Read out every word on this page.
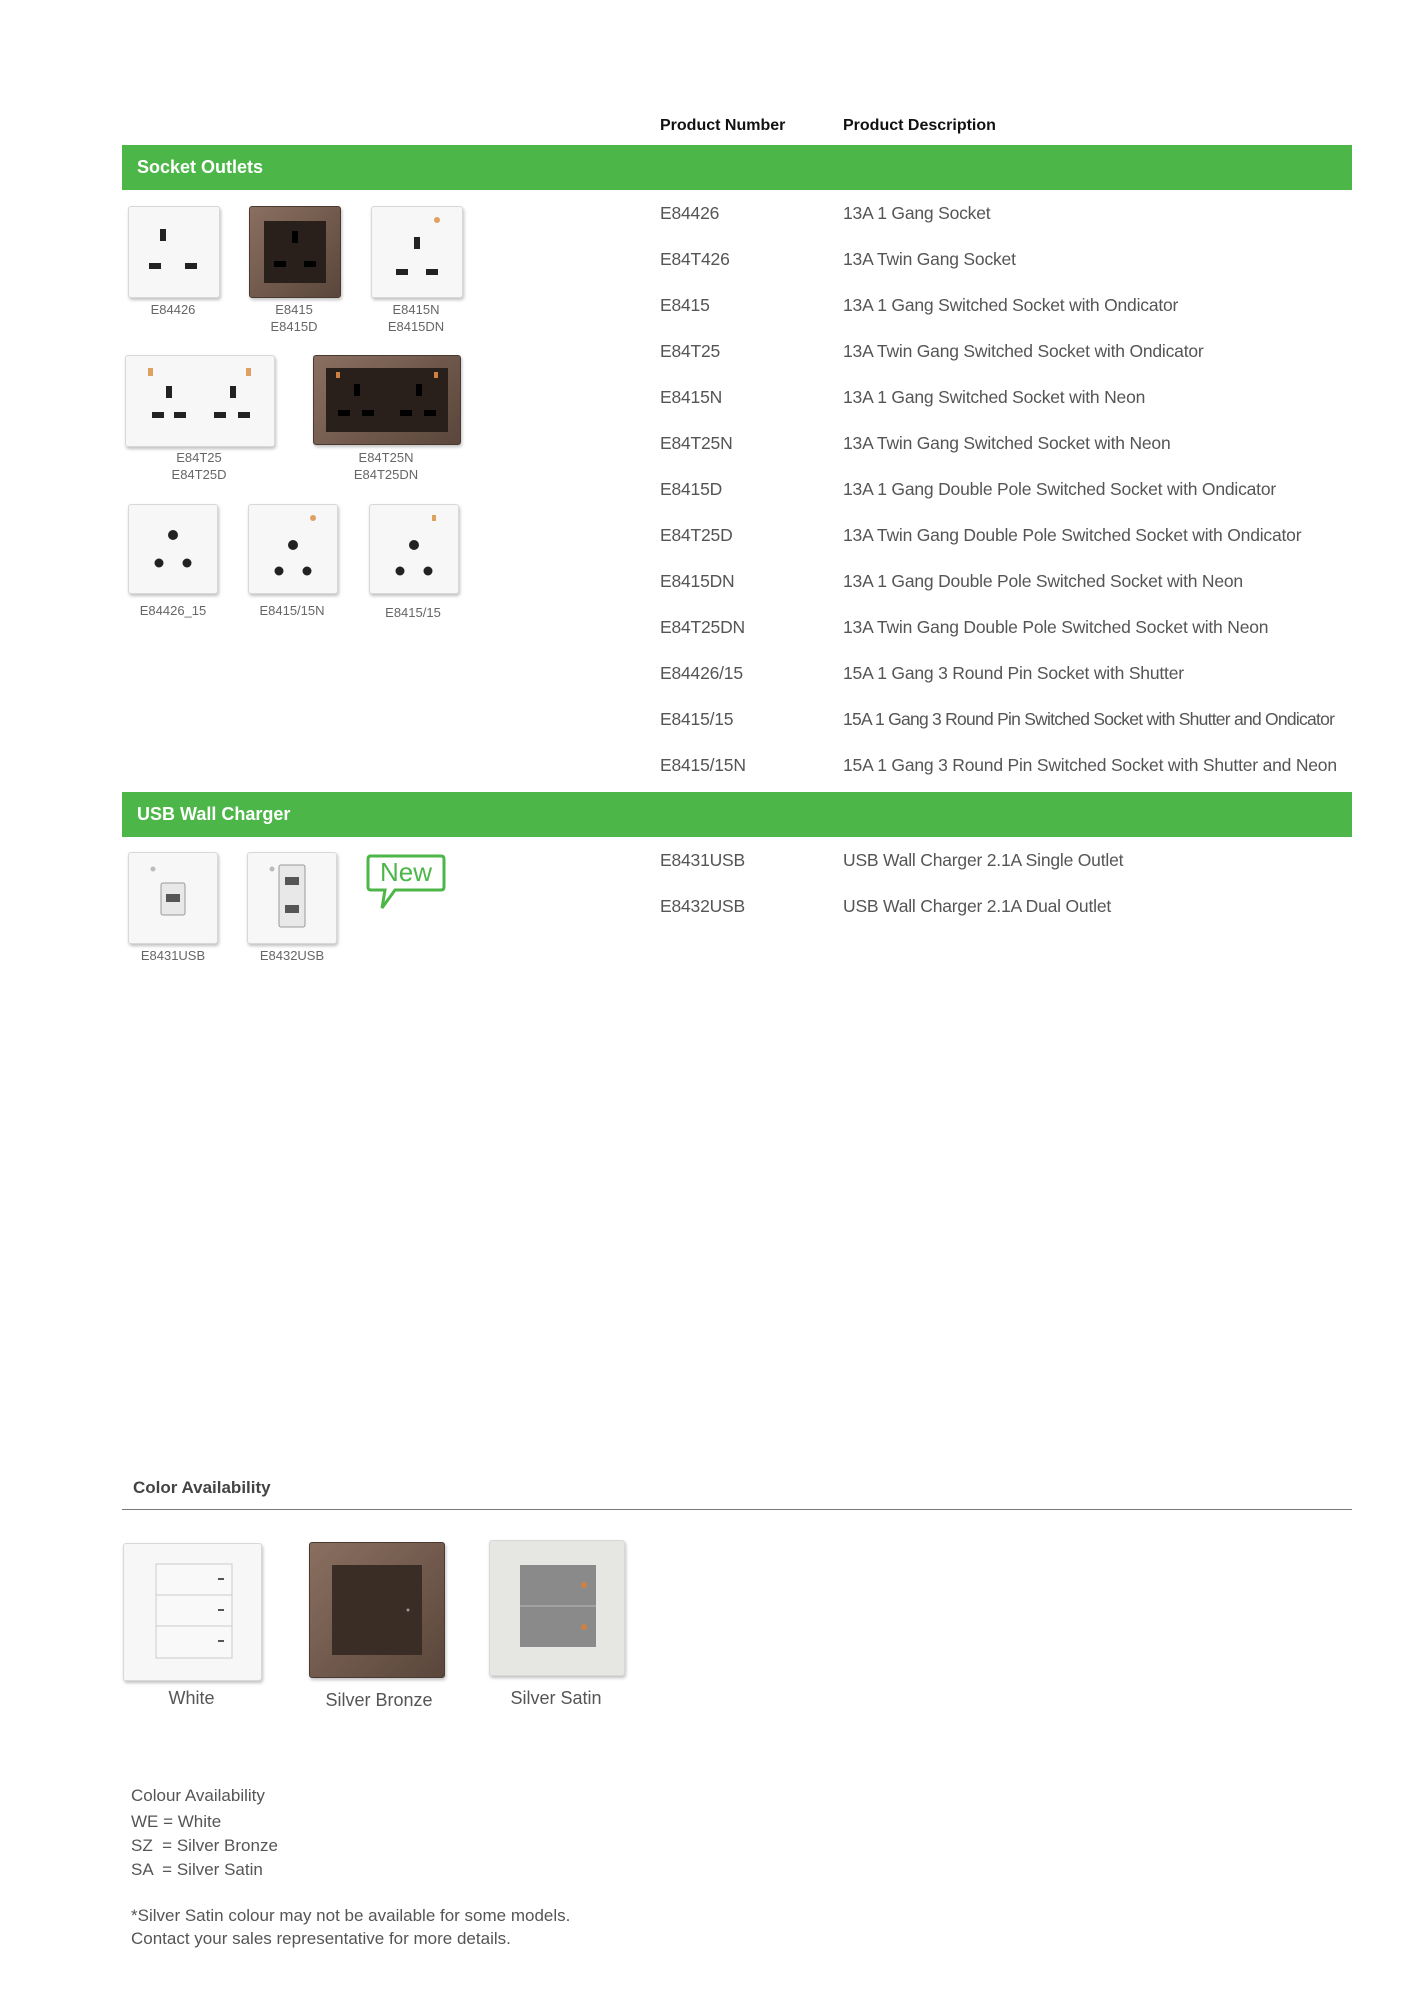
Product Number	Product Description
Socket Outlets
E84426	13A 1 Gang Socket
E84T426	13A Twin Gang Socket
E8415	13A 1 Gang Switched Socket with Ondicator
E84T25	13A Twin Gang Switched Socket with Ondicator
E8415N	13A 1 Gang Switched Socket with Neon
E84T25N	13A Twin Gang Switched Socket with Neon
E8415D	13A 1 Gang Double Pole Switched Socket with Ondicator
E84T25D	13A Twin Gang Double Pole Switched Socket with Ondicator
E8415DN	13A 1 Gang Double Pole Switched Socket with Neon
E84T25DN	13A Twin Gang Double Pole Switched Socket with Neon
E84426/15	15A 1 Gang 3 Round Pin Socket with Shutter
E8415/15	15A 1 Gang 3 Round Pin Switched Socket with Shutter and Ondicator
E8415/15N	15A 1 Gang 3 Round Pin Switched Socket with Shutter and Neon
E84426	E8415
E8415D
E8415N
E8415DN
E84T25
E84T25D
E84T25N
E84T25DN
E84426_15	E8415/15N	E8415/15
USB Wall Charger
E8431USB	USB Wall Charger 2.1A Single Outlet
E8432USB	USB Wall Charger 2.1A Dual Outlet
E8431USB	E8432USB
New
Color Availability
White	Silver Bronze	Silver Satin
Colour Availability
WE = White
SZ  = Silver Bronze
SA  = Silver Satin
*Silver Satin colour may not be available for some models.
Contact your sales representative for more details.
